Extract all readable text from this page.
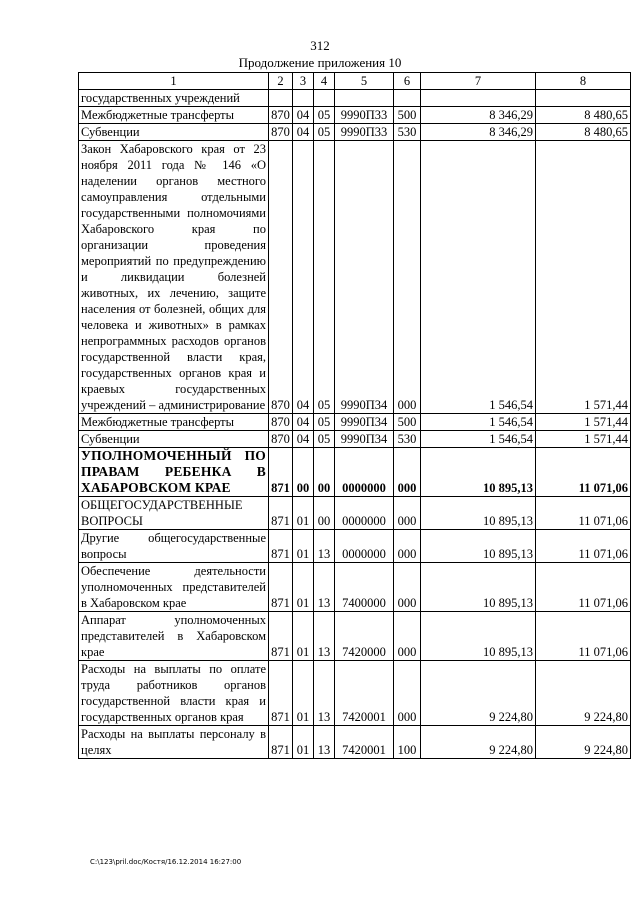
312
Продолжение приложения 10
1	2	3	4	5	6	7	8
государственных учреждений							
Межбюджетные трансферты	870	04	05	9990П33	500	8 346,29	8 480,65
Субвенции	870	04	05	9990П33	530	8 346,29	8 480,65
Закон Хабаровского края от 23 ноября 2011 года № 146 «О наделении органов местного самоуправления отдельными государственными полномочиями Хабаровского края по организации проведения мероприятий по предупреждению и ликвидации болезней животных, их лечению, защите населения от болезней, общих для человека и животных» в рамках непрограммных расходов органов государственной власти края, государственных органов края и краевых государственных учреждений – администрирование	870	04	05	9990П34	000	1 546,54	1 571,44
Межбюджетные трансферты	870	04	05	9990П34	500	1 546,54	1 571,44
Субвенции	870	04	05	9990П34	530	1 546,54	1 571,44
УПОЛНОМОЧЕННЫЙ ПО ПРАВАМ РЕБЕНКА В ХАБАРОВСКОМ КРАЕ	871	00	00	0000000	000	10 895,13	11 071,06
ОБЩЕГОСУДАРСТВЕННЫЕ ВОПРОСЫ	871	01	00	0000000	000	10 895,13	11 071,06
Другие общегосударственные вопросы	871	01	13	0000000	000	10 895,13	11 071,06
Обеспечение деятельности уполномоченных представителей в Хабаровском крае	871	01	13	7400000	000	10 895,13	11 071,06
Аппарат уполномоченных представителей в Хабаровском крае	871	01	13	7420000	000	10 895,13	11 071,06
Расходы на выплаты по оплате труда работников органов государственной власти края и государственных органов края	871	01	13	7420001	000	9 224,80	9 224,80
Расходы на выплаты персоналу в целях	871	01	13	7420001	100	9 224,80	9 224,80
C:\123\pril.doc/Костя/16.12.2014 16:27:00
